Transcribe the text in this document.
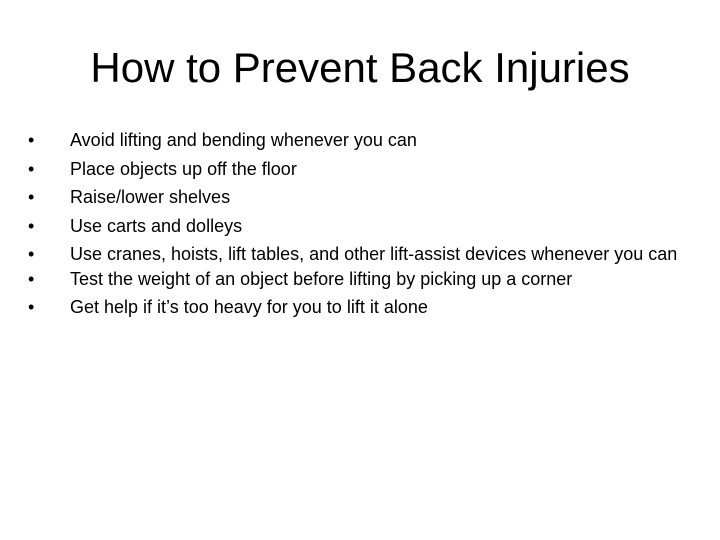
How to Prevent Back Injuries
•	Avoid lifting and bending whenever you can
•	Place objects up off the floor
•	Raise/lower shelves
•	Use carts and dolleys
•	Use cranes, hoists, lift tables, and other lift-assist devices whenever you can
•	Test the weight of an object before lifting by picking up a corner
•	Get help if it’s too heavy for you to lift it alone
